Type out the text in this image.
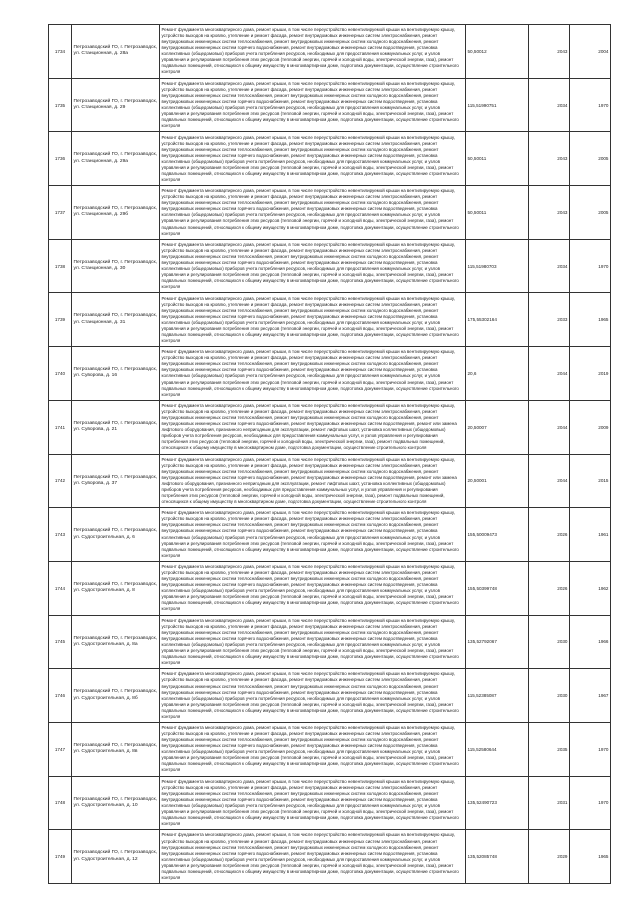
1734	Петрозаводский ГО, г. Петрозаводск, ул. Станционная, д. 28а	Ремонт фундамента многоквартирного дома, ремонт крыши, в том числе переустройство невентилируемой крыши на вентилируемую крышу, устройство выходов на кровлю, утепление и ремонт фасада, ремонт внутридомовых инженерных систем электроснабжения, ремонт внутридомовых инженерных систем теплоснабжения, ремонт внутридомовых инженерных систем холодного водоснабжения, ремонт внутридомовых инженерных систем горячего водоснабжения, ремонт внутридомовых инженерных систем водоотведения, установка коллективных (общедомовых) приборов учета потребления ресурсов, необходимых для предоставления коммунальных услуг, и узлов управления и регулирования потребления этих ресурсов (тепловой энергии, горячей и холодной воды, электрической энергии, газа), ремонт подвальных помещений, относящихся к общему имуществу в многоквартирном доме, подготовка документации, осуществление строительного контроля	50,50012	2043	2004
1735	Петрозаводский ГО, г. Петрозаводск, ул. Станционная, д. 29	Ремонт фундамента многоквартирного дома, ремонт крыши, в том числе переустройство невентилируемой крыши на вентилируемую крышу, устройство выходов на кровлю, утепление и ремонт фасада, ремонт внутридомовых инженерных систем электроснабжения, ремонт внутридомовых инженерных систем теплоснабжения, ремонт внутридомовых инженерных систем холодного водоснабжения, ремонт внутридомовых инженерных систем горячего водоснабжения, ремонт внутридомовых инженерных систем водоотведения, установка коллективных (общедомовых) приборов учета потребления ресурсов, необходимых для предоставления коммунальных услуг, и узлов управления и регулирования потребления этих ресурсов (тепловой энергии, горячей и холодной воды, электрической энергии, газа), ремонт подвальных помещений, относящихся к общему имуществу в многоквартирном доме, подготовка документации, осуществление строительного контроля	115,51990751	2034	1970
1736	Петрозаводский ГО, г. Петрозаводск, ул. Станционная, д. 29а	Ремонт фундамента многоквартирного дома, ремонт крыши, в том числе переустройство невентилируемой крыши на вентилируемую крышу, устройство выходов на кровлю, утепление и ремонт фасада, ремонт внутридомовых инженерных систем электроснабжения, ремонт внутридомовых инженерных систем теплоснабжения, ремонт внутридомовых инженерных систем холодного водоснабжения, ремонт внутридомовых инженерных систем горячего водоснабжения, ремонт внутридомовых инженерных систем водоотведения, установка коллективных (общедомовых) приборов учета потребления ресурсов, необходимых для предоставления коммунальных услуг, и узлов управления и регулирования потребления этих ресурсов (тепловой энергии, горячей и холодной воды, электрической энергии, газа), ремонт подвальных помещений, относящихся к общему имуществу в многоквартирном доме, подготовка документации, осуществление строительного контроля	50,50011	2043	2005
1737	Петрозаводский ГО, г. Петрозаводск, ул. Станционная, д. 29б	Ремонт фундамента многоквартирного дома, ремонт крыши, в том числе переустройство невентилируемой крыши на вентилируемую крышу, устройство выходов на кровлю, утепление и ремонт фасада, ремонт внутридомовых инженерных систем электроснабжения, ремонт внутридомовых инженерных систем теплоснабжения, ремонт внутридомовых инженерных систем холодного водоснабжения, ремонт внутридомовых инженерных систем горячего водоснабжения, ремонт внутридомовых инженерных систем водоотведения, установка коллективных (общедомовых) приборов учета потребления ресурсов, необходимых для предоставления коммунальных услуг, и узлов управления и регулирования потребления этих ресурсов (тепловой энергии, горячей и холодной воды, электрической энергии, газа), ремонт подвальных помещений, относящихся к общему имуществу в многоквартирном доме, подготовка документации, осуществление строительного контроля	50,50011	2043	2005
1738	Петрозаводский ГО, г. Петрозаводск, ул. Станционная, д. 30	Ремонт фундамента многоквартирного дома, ремонт крыши, в том числе переустройство невентилируемой крыши на вентилируемую крышу, устройство выходов на кровлю, утепление и ремонт фасада, ремонт внутридомовых инженерных систем электроснабжения, ремонт внутридомовых инженерных систем теплоснабжения, ремонт внутридомовых инженерных систем холодного водоснабжения, ремонт внутридомовых инженерных систем горячего водоснабжения, ремонт внутридомовых инженерных систем водоотведения, установка коллективных (общедомовых) приборов учета потребления ресурсов, необходимых для предоставления коммунальных услуг, и узлов управления и регулирования потребления этих ресурсов (тепловой энергии, горячей и холодной воды, электрической энергии, газа), ремонт подвальных помещений, относящихся к общему имуществу в многоквартирном доме, подготовка документации, осуществление строительного контроля	115,51980703	2034	1970
1739	Петрозаводский ГО, г. Петрозаводск, ул. Станционная, д. 31	Ремонт фундамента многоквартирного дома, ремонт крыши, в том числе переустройство невентилируемой крыши на вентилируемую крышу, устройство выходов на кровлю, утепление и ремонт фасада, ремонт внутридомовых инженерных систем электроснабжения, ремонт внутридомовых инженерных систем теплоснабжения, ремонт внутридомовых инженерных систем холодного водоснабжения, ремонт внутридомовых инженерных систем горячего водоснабжения, ремонт внутридомовых инженерных систем водоотведения, установка коллективных (общедомовых) приборов учета потребления ресурсов, необходимых для предоставления коммунальных услуг, и узлов управления и регулирования потребления этих ресурсов (тепловой энергии, горячей и холодной воды, электрической энергии, газа), ремонт подвальных помещений, относящихся к общему имуществу в многоквартирном доме, подготовка документации, осуществление строительного контроля	175,55302164	2033	1965
1740	Петрозаводский ГО, г. Петрозаводск, ул. Суворова, д. 16	Ремонт фундамента многоквартирного дома, ремонт крыши, в том числе переустройство невентилируемой крыши на вентилируемую крышу, устройство выходов на кровлю, утепление и ремонт фасада, ремонт внутридомовых инженерных систем электроснабжения, ремонт внутридомовых инженерных систем теплоснабжения, ремонт внутридомовых инженерных систем холодного водоснабжения, ремонт внутридомовых инженерных систем горячего водоснабжения, ремонт внутридомовых инженерных систем водоотведения, установка коллективных (общедомовых) приборов учета потребления ресурсов, необходимых для предоставления коммунальных услуг, и узлов управления и регулирования потребления этих ресурсов (тепловой энергии, горячей и холодной воды, электрической энергии, газа), ремонт подвальных помещений, относящихся к общему имуществу в многоквартирном доме, подготовка документации, осуществление строительного контроля	20,6	2044	2019
1741	Петрозаводский ГО, г. Петрозаводск, ул. Суворова, д. 21	Ремонт фундамента многоквартирного дома, ремонт крыши, в том числе переустройство невентилируемой крыши на вентилируемую крышу, устройство выходов на кровлю, утепление и ремонт фасада, ремонт внутридомовых инженерных систем электроснабжения, ремонт внутридомовых инженерных систем теплоснабжения, ремонт внутридомовых инженерных систем холодного водоснабжения, ремонт внутридомовых инженерных систем горячего водоснабжения, ремонт внутридомовых инженерных систем водоотведения, ремонт или замена лифтового оборудования, признанного непригодным для эксплуатации, ремонт лифтовых шахт, установка коллективных (общедомовых) приборов учета потребления ресурсов, необходимых для предоставления коммунальных услуг, и узлов управления и регулирования потребления этих ресурсов (тепловой энергии, горячей и холодной воды, электрической энергии, газа), ремонт подвальных помещений, относящихся к общему имуществу в многоквартирном доме, подготовка документации, осуществление строительного контроля	20,50007	2044	2009
1742	Петрозаводский ГО, г. Петрозаводск, ул. Суворова, д. 37	Ремонт фундамента многоквартирного дома, ремонт крыши, в том числе переустройство невентилируемой крыши на вентилируемую крышу, устройство выходов на кровлю, утепление и ремонт фасада, ремонт внутридомовых инженерных систем электроснабжения, ремонт внутридомовых инженерных систем теплоснабжения, ремонт внутридомовых инженерных систем холодного водоснабжения, ремонт внутридомовых инженерных систем горячего водоснабжения, ремонт внутридомовых инженерных систем водоотведения, ремонт или замена лифтового оборудования, признанного непригодным для эксплуатации, ремонт лифтовых шахт, установка коллективных (общедомовых) приборов учета потребления ресурсов, необходимых для предоставления коммунальных услуг, и узлов управления и регулирования потребления этих ресурсов (тепловой энергии, горячей и холодной воды, электрической энергии, газа), ремонт подвальных помещений, относящихся к общему имуществу в многоквартирном доме, подготовка документации, осуществление строительного контроля	20,50001	2044	2015
1743	Петрозаводский ГО, г. Петрозаводск, ул. Судостроительная, д. 6	Ремонт фундамента многоквартирного дома, ремонт крыши, в том числе переустройство невентилируемой крыши на вентилируемую крышу, устройство выходов на кровлю, утепление и ремонт фасада, ремонт внутридомовых инженерных систем электроснабжения, ремонт внутридомовых инженерных систем теплоснабжения, ремонт внутридомовых инженерных систем холодного водоснабжения, ремонт внутридомовых инженерных систем горячего водоснабжения, ремонт внутридомовых инженерных систем водоотведения, установка коллективных (общедомовых) приборов учета потребления ресурсов, необходимых для предоставления коммунальных услуг, и узлов управления и регулирования потребления этих ресурсов (тепловой энергии, горячей и холодной воды, электрической энергии, газа), ремонт подвальных помещений, относящихся к общему имуществу в многоквартирном доме, подготовка документации, осуществление строительного контроля	155,50009473	2026	1961
1744	Петрозаводский ГО, г. Петрозаводск, ул. Судостроительная, д. 8	Ремонт фундамента многоквартирного дома, ремонт крыши, в том числе переустройство невентилируемой крыши на вентилируемую крышу, устройство выходов на кровлю, утепление и ремонт фасада, ремонт внутридомовых инженерных систем электроснабжения, ремонт внутридомовых инженерных систем теплоснабжения, ремонт внутридомовых инженерных систем холодного водоснабжения, ремонт внутридомовых инженерных систем горячего водоснабжения, ремонт внутридомовых инженерных систем водоотведения, установка коллективных (общедомовых) приборов учета потребления ресурсов, необходимых для предоставления коммунальных услуг, и узлов управления и регулирования потребления этих ресурсов (тепловой энергии, горячей и холодной воды, электрической энергии, газа), ремонт подвальных помещений, относящихся к общему имуществу в многоквартирном доме, подготовка документации, осуществление строительного контроля	155,50399748	2026	1962
1745	Петрозаводский ГО, г. Петрозаводск, ул. Судостроительная, д. 8а	Ремонт фундамента многоквартирного дома, ремонт крыши, в том числе переустройство невентилируемой крыши на вентилируемую крышу, устройство выходов на кровлю, утепление и ремонт фасада, ремонт внутридомовых инженерных систем электроснабжения, ремонт внутридомовых инженерных систем теплоснабжения, ремонт внутридомовых инженерных систем холодного водоснабжения, ремонт внутридомовых инженерных систем горячего водоснабжения, ремонт внутридомовых инженерных систем водоотведения, установка коллективных (общедомовых) приборов учета потребления ресурсов, необходимых для предоставления коммунальных услуг, и узлов управления и регулирования потребления этих ресурсов (тепловой энергии, горячей и холодной воды, электрической энергии, газа), ремонт подвальных помещений, относящихся к общему имуществу в многоквартирном доме, подготовка документации, осуществление строительного контроля	135,52792067	2030	1966
1746	Петрозаводский ГО, г. Петрозаводск, ул. Судостроительная, д. 8б	Ремонт фундамента многоквартирного дома, ремонт крыши, в том числе переустройство невентилируемой крыши на вентилируемую крышу, устройство выходов на кровлю, утепление и ремонт фасада, ремонт внутридомовых инженерных систем электроснабжения, ремонт внутридомовых инженерных систем теплоснабжения, ремонт внутридомовых инженерных систем холодного водоснабжения, ремонт внутридомовых инженерных систем горячего водоснабжения, ремонт внутридомовых инженерных систем водоотведения, установка коллективных (общедомовых) приборов учета потребления ресурсов, необходимых для предоставления коммунальных услуг, и узлов управления и регулирования потребления этих ресурсов (тепловой энергии, горячей и холодной воды, электрической энергии, газа), ремонт подвальных помещений, относящихся к общему имуществу в многоквартирном доме, подготовка документации, осуществление строительного контроля	115,52385087	2030	1967
1747	Петрозаводский ГО, г. Петрозаводск, ул. Судостроительная, д. 8в	Ремонт фундамента многоквартирного дома, ремонт крыши, в том числе переустройство невентилируемой крыши на вентилируемую крышу, устройство выходов на кровлю, утепление и ремонт фасада, ремонт внутридомовых инженерных систем электроснабжения, ремонт внутридомовых инженерных систем теплоснабжения, ремонт внутридомовых инженерных систем холодного водоснабжения, ремонт внутридомовых инженерных систем горячего водоснабжения, ремонт внутридомовых инженерных систем водоотведения, установка коллективных (общедомовых) приборов учета потребления ресурсов, необходимых для предоставления коммунальных услуг, и узлов управления и регулирования потребления этих ресурсов (тепловой энергии, горячей и холодной воды, электрической энергии, газа), ремонт подвальных помещений, относящихся к общему имуществу в многоквартирном доме, подготовка документации, осуществление строительного контроля	115,52580644	2035	1970
1748	Петрозаводский ГО, г. Петрозаводск, ул. Судостроительная, д. 10	Ремонт фундамента многоквартирного дома, ремонт крыши, в том числе переустройство невентилируемой крыши на вентилируемую крышу, устройство выходов на кровлю, утепление и ремонт фасада, ремонт внутридомовых инженерных систем электроснабжения, ремонт внутридомовых инженерных систем теплоснабжения, ремонт внутридомовых инженерных систем холодного водоснабжения, ремонт внутридомовых инженерных систем горячего водоснабжения, ремонт внутридомовых инженерных систем водоотведения, установка коллективных (общедомовых) приборов учета потребления ресурсов, необходимых для предоставления коммунальных услуг, и узлов управления и регулирования потребления этих ресурсов (тепловой энергии, горячей и холодной воды, электрической энергии, газа), ремонт подвальных помещений, относящихся к общему имуществу в многоквартирном доме, подготовка документации, осуществление строительного контроля	135,52490723	2031	1970
1749	Петрозаводский ГО, г. Петрозаводск, ул. Судостроительная, д. 12	Ремонт фундамента многоквартирного дома, ремонт крыши, в том числе переустройство невентилируемой крыши на вентилируемую крышу, устройство выходов на кровлю, утепление и ремонт фасада, ремонт внутридомовых инженерных систем электроснабжения, ремонт внутридомовых инженерных систем теплоснабжения, ремонт внутридомовых инженерных систем холодного водоснабжения, ремонт внутридомовых инженерных систем горячего водоснабжения, ремонт внутридомовых инженерных систем водоотведения, установка коллективных (общедомовых) приборов учета потребления ресурсов, необходимых для предоставления коммунальных услуг, и узлов управления и регулирования потребления этих ресурсов (тепловой энергии, горячей и холодной воды, электрической энергии, газа), ремонт подвальных помещений, относящихся к общему имуществу в многоквартирном доме, подготовка документации, осуществление строительного контроля	135,52085748	2029	1965
